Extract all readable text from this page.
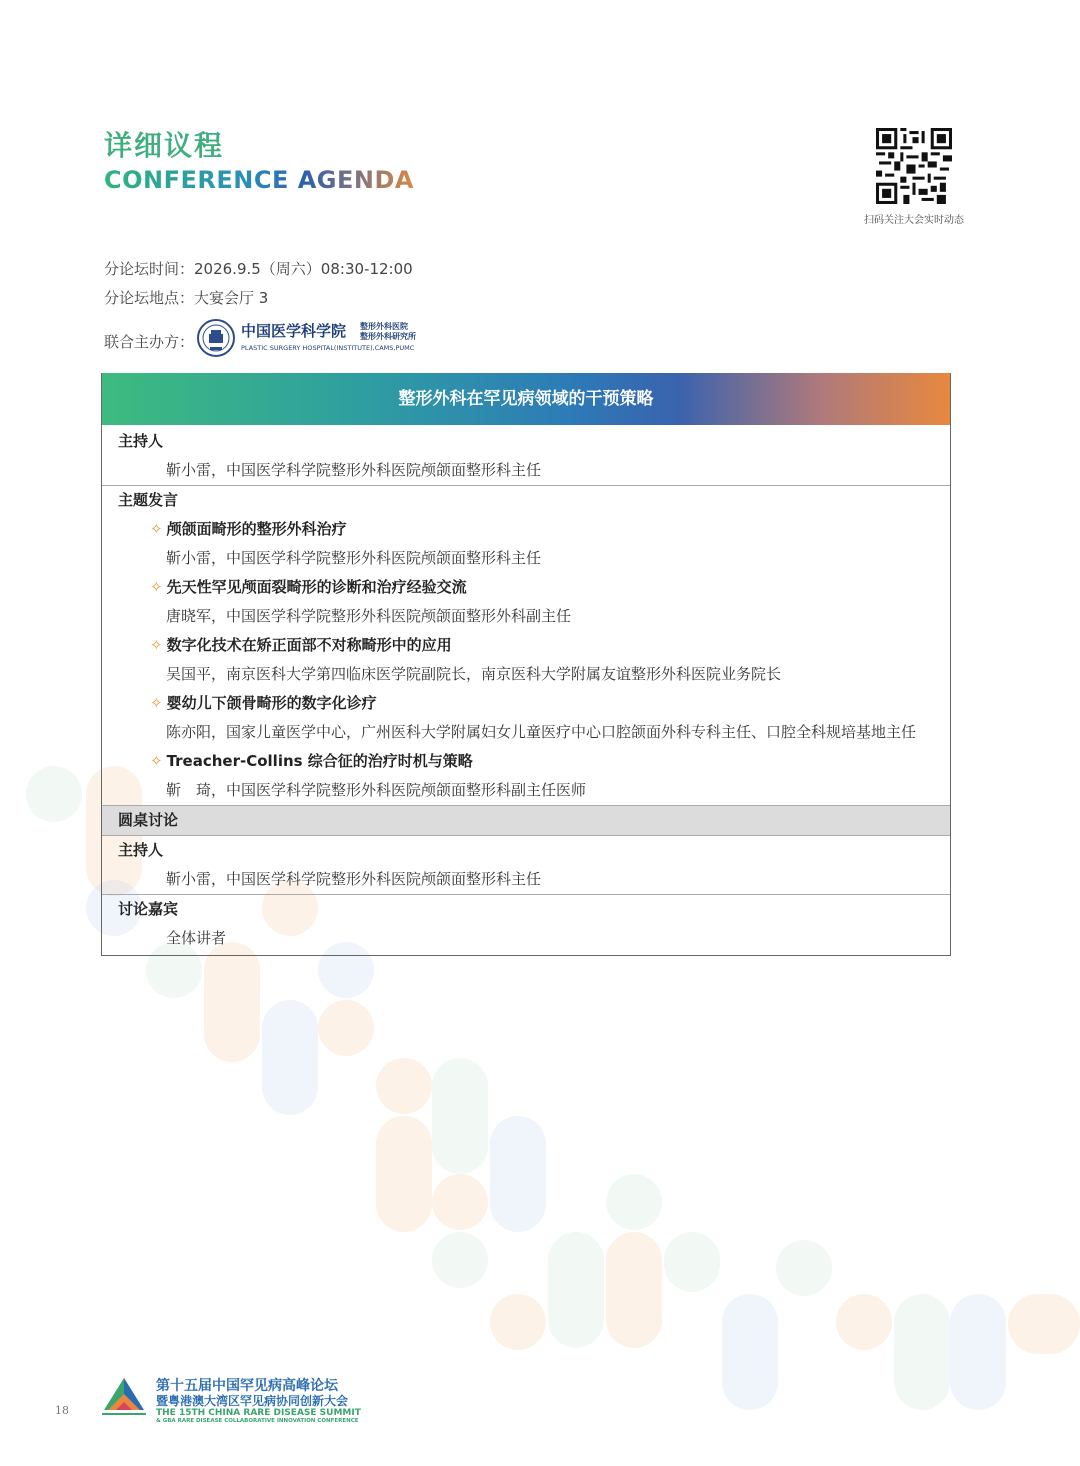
详细议程
CONFERENCE AGENDA
扫码关注大会实时动态
分论坛时间：2026.9.5（周六）08:30-12:00
分论坛地点：大宴会厅 3
联合主办方：
中国医学科学院 整形外科医院
整形外科研究所
PLASTIC SURGERY HOSPITAL(INSTITUTE),CAMS,PUMC
整形外科在罕见病领域的干预策略
主持人
靳小雷，中国医学科学院整形外科医院颅颌面整形科主任
主题发言
✧ 颅颌面畸形的整形外科治疗
靳小雷，中国医学科学院整形外科医院颅颌面整形科主任
✧ 先天性罕见颅面裂畸形的诊断和治疗经验交流
唐晓军，中国医学科学院整形外科医院颅颌面整形外科副主任
✧ 数字化技术在矫正面部不对称畸形中的应用
吴国平，南京医科大学第四临床医学院副院长，南京医科大学附属友谊整形外科医院业务院长
✧ 婴幼儿下颌骨畸形的数字化诊疗
陈亦阳，国家儿童医学中心，广州医科大学附属妇女儿童医疗中心口腔颌面外科专科主任、口腔全科规培基地主任
✧ Treacher-Collins 综合征的治疗时机与策略
靳　琦，中国医学科学院整形外科医院颅颌面整形科副主任医师
圆桌讨论
主持人
靳小雷，中国医学科学院整形外科医院颅颌面整形科主任
讨论嘉宾
全体讲者
第十五届中国罕见病高峰论坛
暨粤港澳大湾区罕见病协同创新大会
THE 15TH CHINA RARE DISEASE SUMMIT
& GBA RARE DISEASE COLLABORATIVE INNOVATION CONFERENCE
18
